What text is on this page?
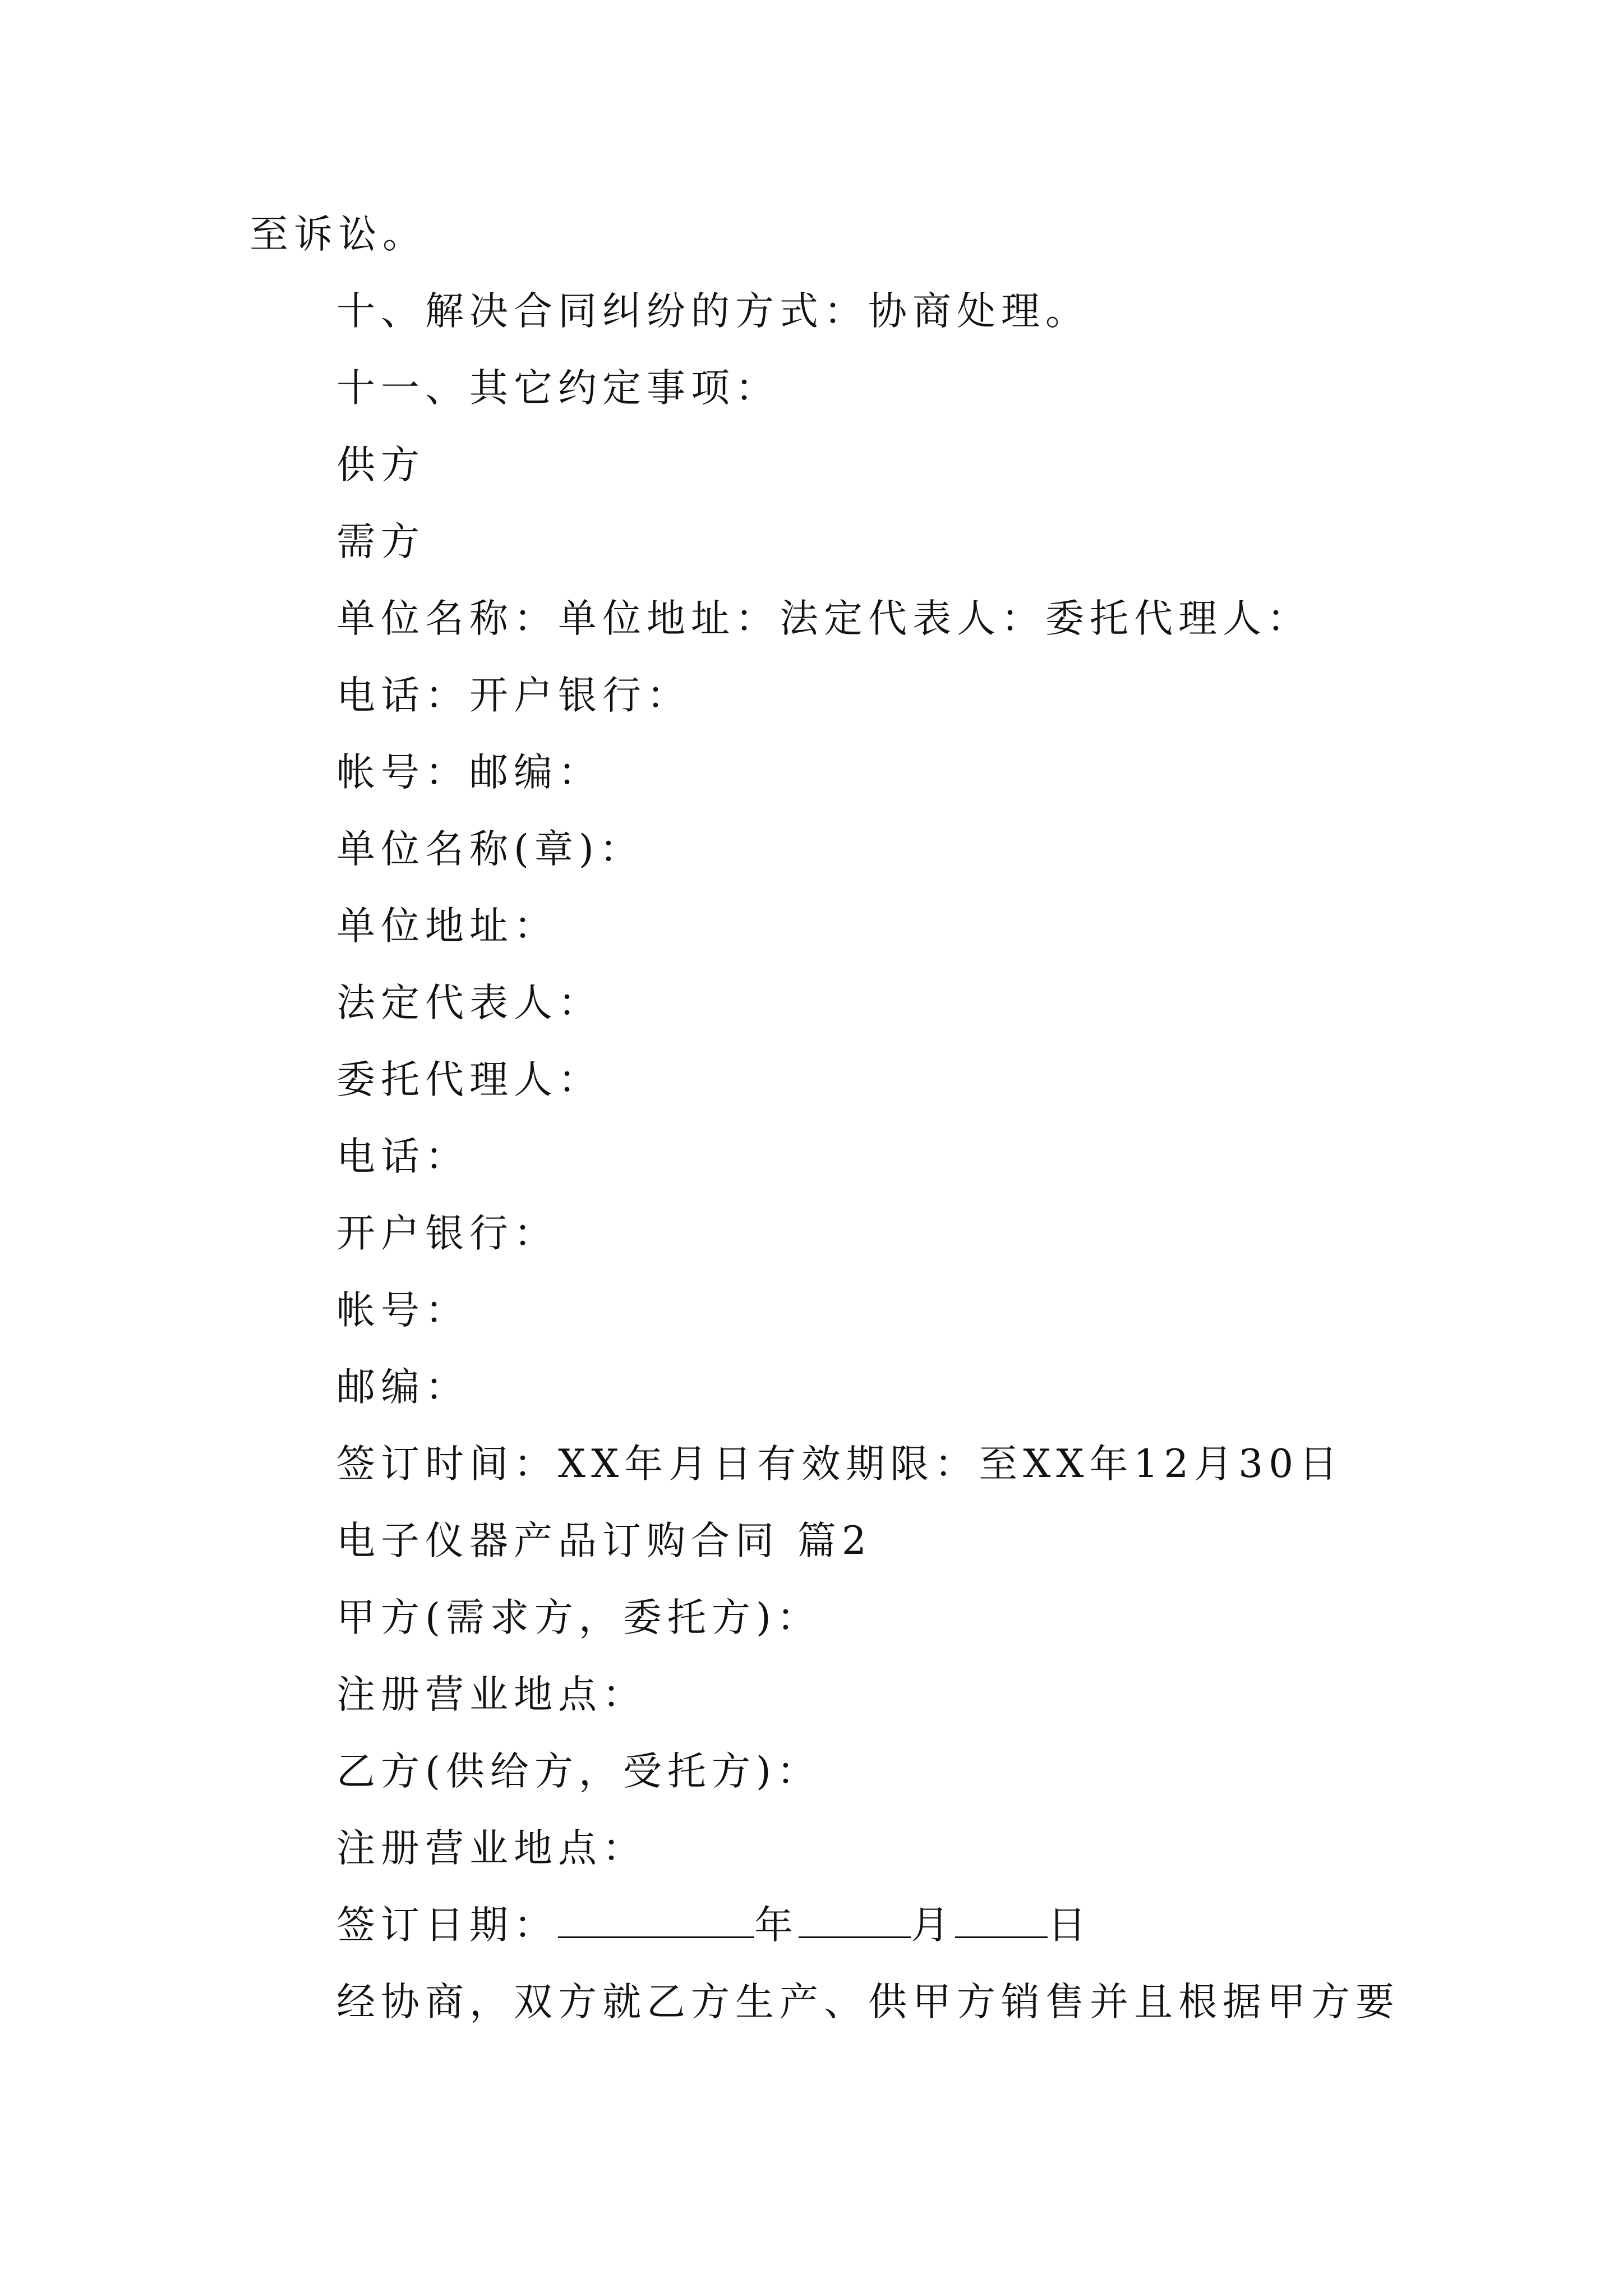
至诉讼。
十、解决合同纠纷的方式：协商处理。
十一、其它约定事项：
供方
需方
单位名称：单位地址：法定代表人：委托代理人：
电话：开户银行：
帐号：邮编：
单位名称(章)：
单位地址：
法定代表人：
委托代理人：
电话：
开户银行：
帐号：
邮编：
签订时间：XX年月日有效期限：至XX年12月30日
电子仪器产品订购合同 篇2
甲方(需求方，委托方)：
注册营业地点：
乙方(供给方，受托方)：
注册营业地点：
签订日期：	年	月 日
经协商，双方就乙方生产、供甲方销售并且根据甲方要
